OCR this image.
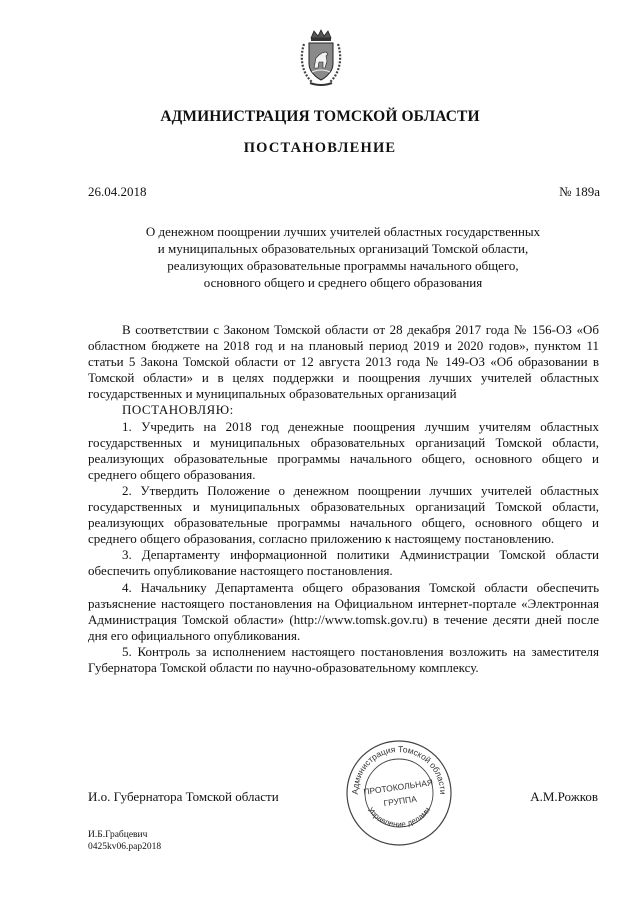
АДМИНИСТРАЦИЯ ТОМСКОЙ ОБЛАСТИ
ПОСТАНОВЛЕНИЕ
26.04.2018	№ 189а
О денежном поощрении лучших учителей областных государственных
и муниципальных образовательных организаций Томской области,
реализующих образовательные программы начального общего,
основного общего и среднего общего образования

В соответствии с Законом Томской области от 28 декабря 2017 года № 156-ОЗ «Об областном бюджете на 2018 год и на плановый период 2019 и 2020 годов», пунктом 11 статьи 5 Закона Томской области от 12 августа 2013 года № 149-ОЗ «Об образовании в Томской области» и в целях поддержки и поощрения лучших учителей областных государственных и муниципальных образовательных организаций

ПОСТАНОВЛЯЮ:

1. Учредить на 2018 год денежные поощрения лучшим учителям областных государственных и муниципальных образовательных организаций Томской области, реализующих образовательные программы начального общего, основного общего и среднего общего образования.

2. Утвердить Положение о денежном поощрении лучших учителей областных государственных и муниципальных образовательных организаций Томской области, реализующих образовательные программы начального общего, основного общего и среднего общего образования, согласно приложению к настоящему постановлению.

3. Департаменту информационной политики Администрации Томской области обеспечить опубликование настоящего постановления.

4. Начальнику Департамента общего образования Томской области обеспечить разъяснение настоящего постановления на Официальном интернет-портале «Электронная Администрация Томской области» (http://www.tomsk.gov.ru) в течение десяти дней после дня его официального опубликования.

5. Контроль за исполнением настоящего постановления возложить на заместителя Губернатора Томской области по научно-образовательному комплексу.

Администрация Томской области
Управление делами
ПРОТОКОЛЬНАЯ
ГРУППА
И.о. Губернатора Томской области	А.М.Рожков
И.Б.Грабцевич
0425kv06.рар2018
